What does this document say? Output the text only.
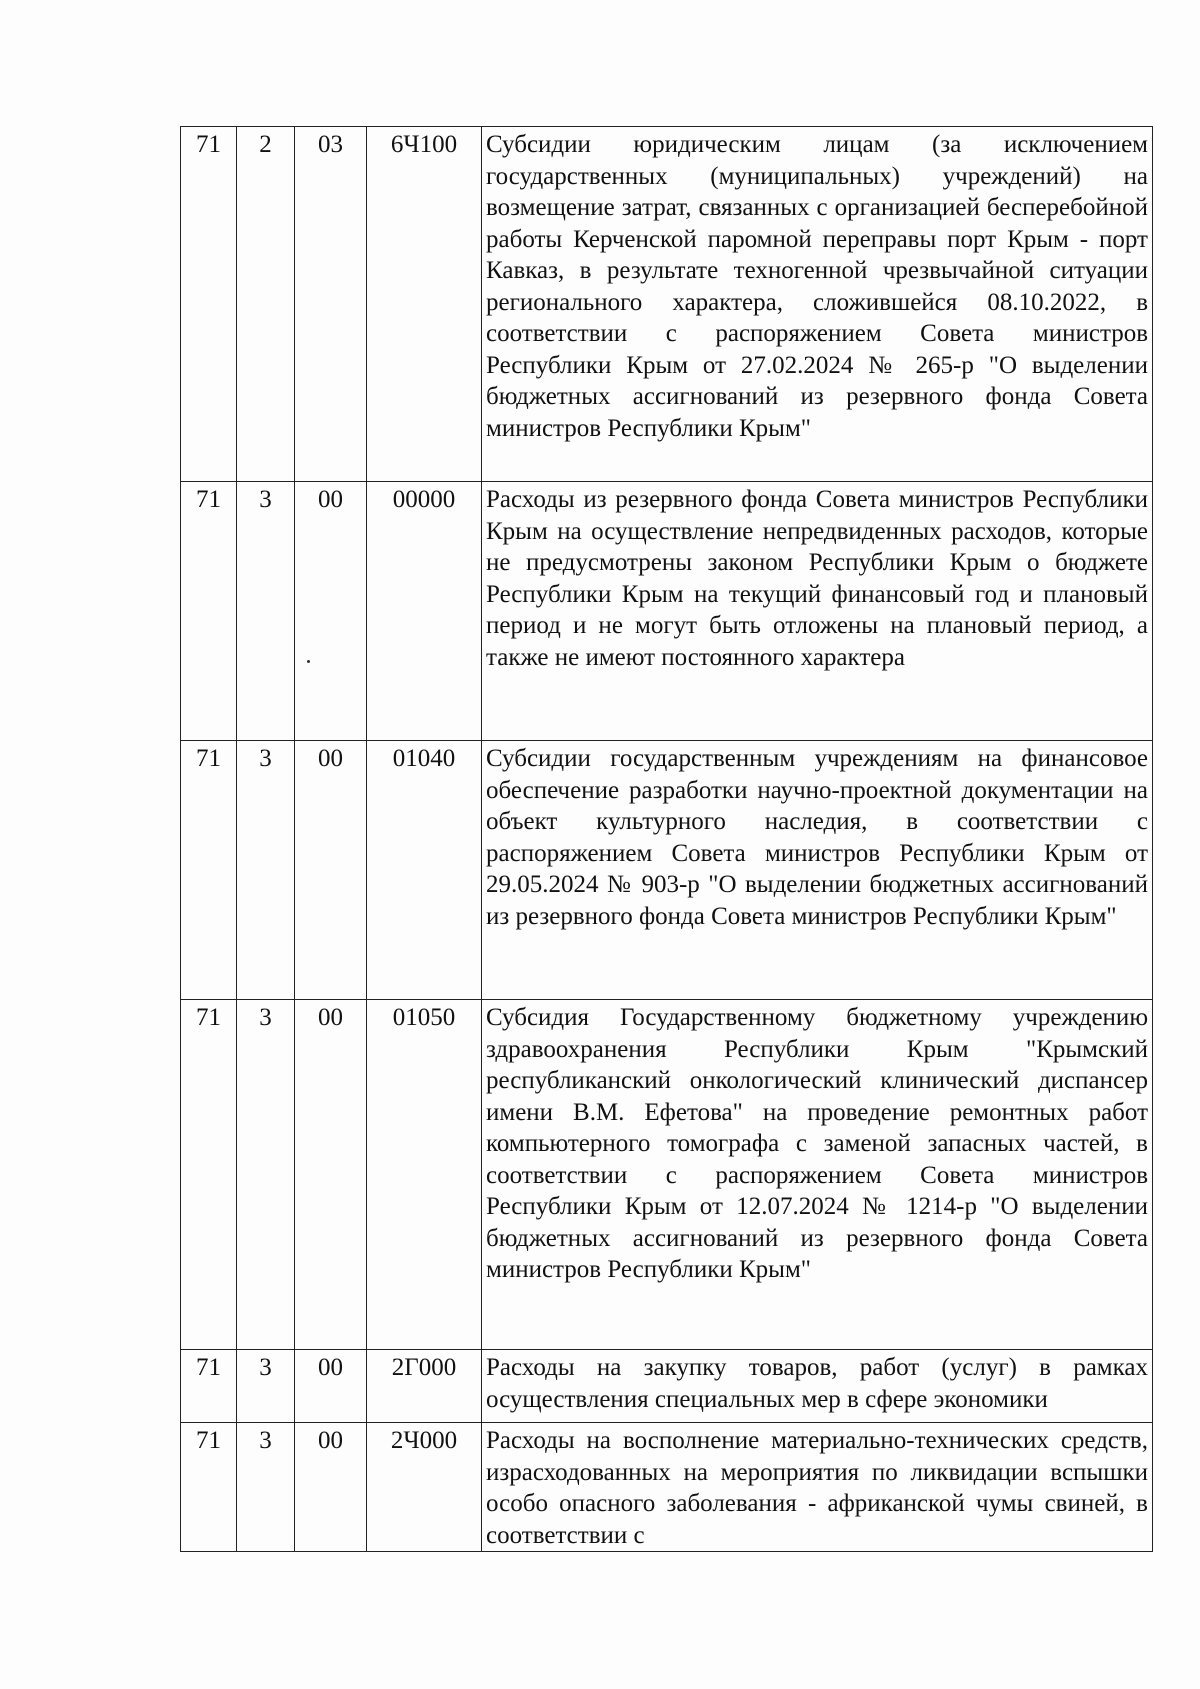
71	2	03	6Ч100	Субсидии юридическим лицам (за исключением государственных (муниципальных) учреждений) на возмещение затрат, связанных с организацией бесперебойной работы Керченской паромной переправы порт Крым - порт Кавказ, в результате техногенной чрезвычайной ситуации регионального характера, сложившейся 08.10.2022, в соответствии с распоряжением Совета министров Республики Крым от 27.02.2024 № 265-р "О выделении бюджетных ассигнований из резервного фонда Совета министров Республики Крым"
71	3	00	00000	Расходы из резервного фонда Совета министров Республики Крым на осуществление непредвиденных расходов, которые не предусмотрены законом Республики Крым о бюджете Республики Крым на текущий финансовый год и плановый период и не могут быть отложены на плановый период, а также не имеют постоянного характера
71	3	00	01040	Субсидии государственным учреждениям на финансовое обеспечение разработки научно-проектной документации на объект культурного наследия, в соответствии с распоряжением Совета министров Республики Крым от 29.05.2024 № 903-р "О выделении бюджетных ассигнований из резервного фонда Совета министров Республики Крым"
71	3	00	01050	Субсидия Государственному бюджетному учреждению здравоохранения Республики Крым "Крымский республиканский онкологический клинический диспансер имени В.М. Ефетова" на проведение ремонтных работ компьютерного томографа с заменой запасных частей, в соответствии с распоряжением Совета министров Республики Крым от 12.07.2024 № 1214-р "О выделении бюджетных ассигнований из резервного фонда Совета министров Республики Крым"
71	3	00	2Г000	Расходы на закупку товаров, работ (услуг) в рамках осуществления специальных мер в сфере экономики
71	3	00	2Ч000	Расходы на восполнение материально-технических средств, израсходованных на мероприятия по ликвидации вспышки особо опасного заболевания - африканской чумы свиней, в соответствии с
